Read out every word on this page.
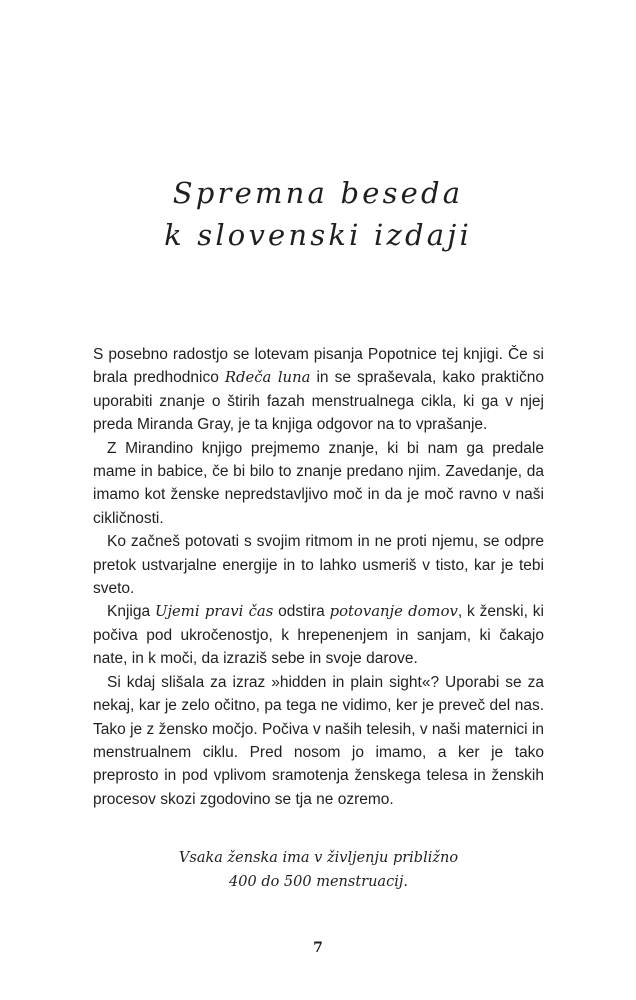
Spremna beseda
k slovenski izdaji

S posebno radostjo se lotevam pisanja Popotnice tej knjigi. Če si brala predhodnico Rdeča luna in se spraševala, kako praktično uporabiti znanje o štirih fazah menstrualnega cikla, ki ga v njej preda Miranda Gray, je ta knjiga odgovor na to vprašanje.

Z Mirandino knjigo prejmemo znanje, ki bi nam ga predale mame in babice, če bi bilo to znanje predano njim. Zavedanje, da imamo kot ženske nepredstavljivo moč in da je moč ravno v naši cikličnosti.

Ko začneš potovati s svojim ritmom in ne proti njemu, se odpre pretok ustvarjalne energije in to lahko usmeriš v tisto, kar je tebi sveto.

Knjiga Ujemi pravi čas odstira potovanje domov, k ženski, ki počiva pod ukročenostjo, k hrepenenjem in sanjam, ki čakajo nate, in k moči, da izraziš sebe in svoje darove.

Si kdaj slišala za izraz »hidden in plain sight«? Uporabi se za nekaj, kar je zelo očitno, pa tega ne vidimo, ker je preveč del nas. Tako je z žensko močjo. Počiva v naših telesih, v naši maternici in menstrualnem ciklu. Pred nosom jo imamo, a ker je tako preprosto in pod vplivom sramotenja ženskega telesa in ženskih procesov skozi zgodovino se tja ne ozremo.

Vsaka ženska ima v življenju približno
400 do 500 menstruacij.
7
